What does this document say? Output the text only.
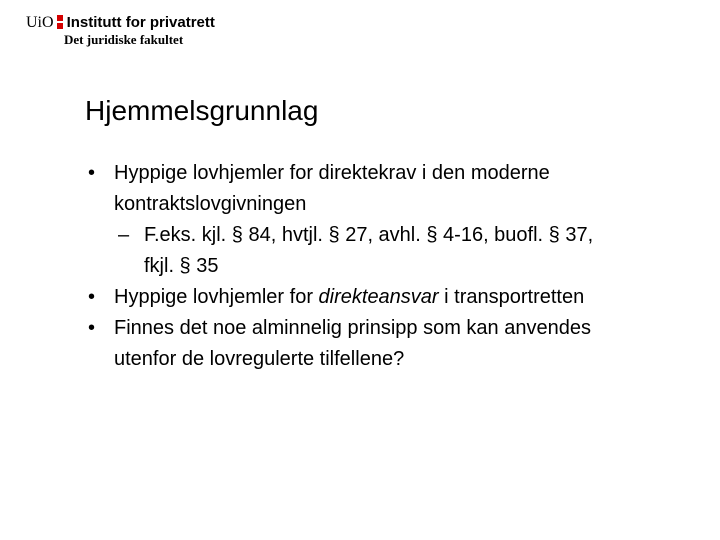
UiO Institutt for privatrett
Det juridiske fakultet
Hjemmelsgrunnlag
• Hyppige lovhjemler for direktekrav i den moderne
kontraktslovgivningen
– F.eks. kjl. § 84, hvtjl. § 27, avhl. § 4-16, buofl. § 37,
fkjl. § 35
• Hyppige lovhjemler for direkteansvar i transportretten
• Finnes det noe alminnelig prinsipp som kan anvendes
utenfor de lovregulerte tilfellene?
